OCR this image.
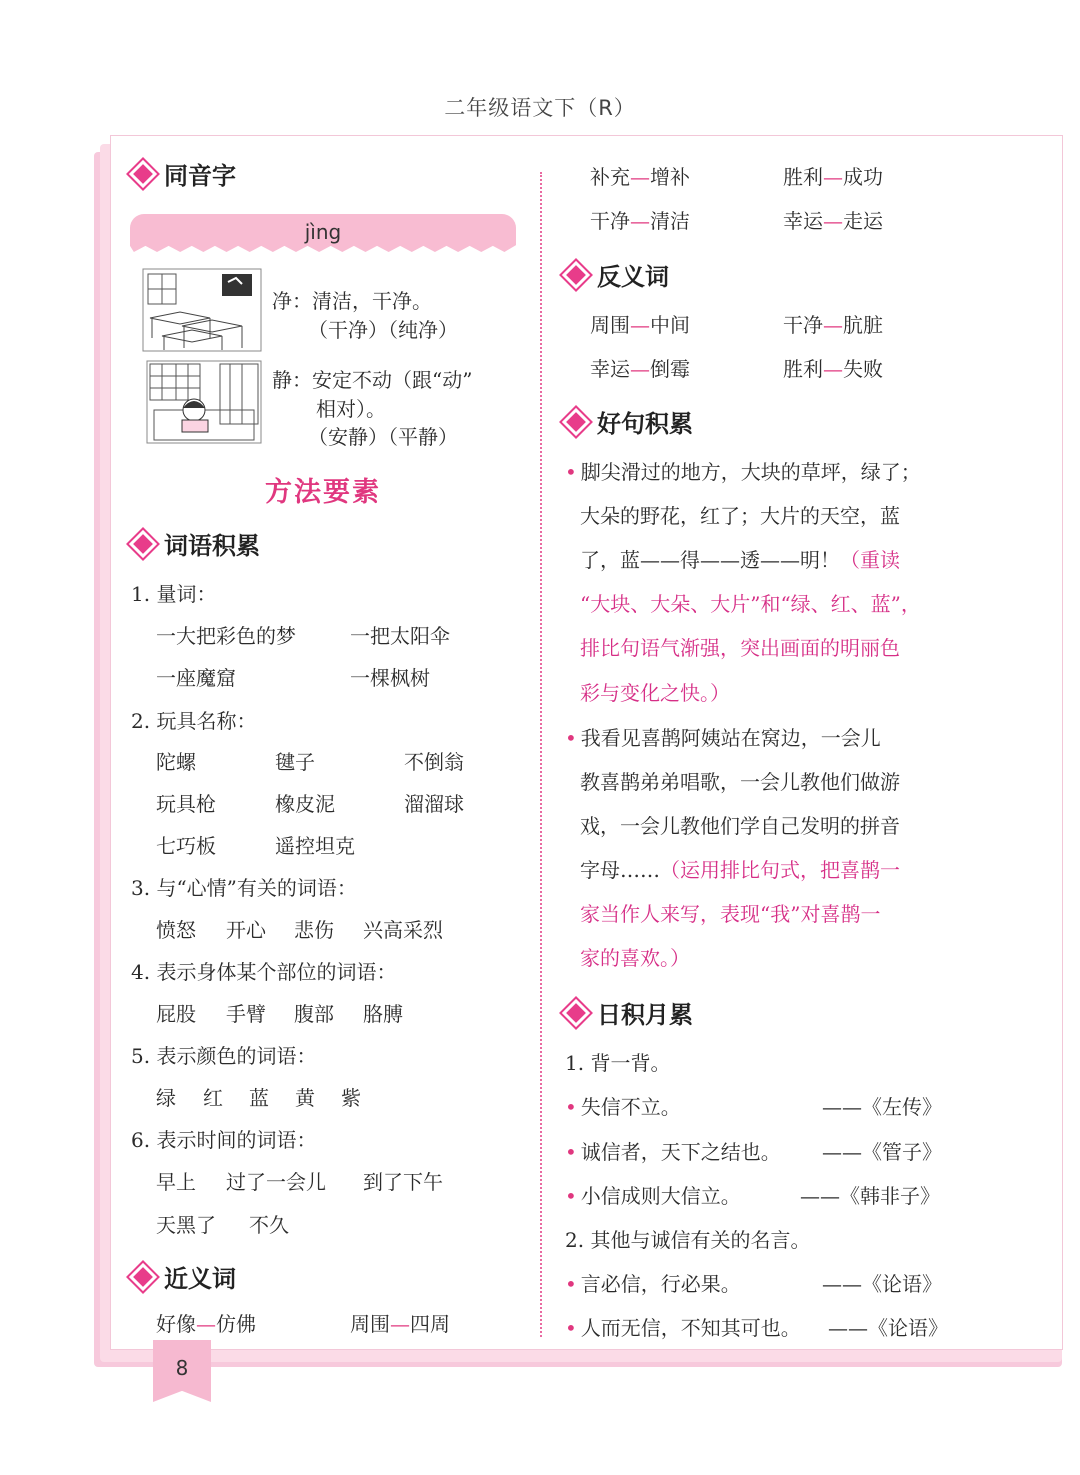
二年级语文下（R）
8
同音字
jìng
净：清洁，干净。
（干净）（纯净）
静：安定不动（跟“动”
相对）。
（安静）（平静）
方法要素
词语积累
1. 量词：
一大把彩色的梦	一把太阳伞
一座魔窟	一棵枫树
2. 玩具名称：
陀螺	毽子	不倒翁
玩具枪	橡皮泥	溜溜球
七巧板	遥控坦克
3. 与“心情”有关的词语：
愤怒 开心 悲伤 兴高采烈
4. 表示身体某个部位的词语：
屁股 手臂 腹部 胳膊
5. 表示颜色的词语：
绿 红 蓝 黄 紫
6. 表示时间的词语：
早上 过了一会儿 到了下午
天黑了 不久
近义词
好像—仿佛	周围—四周
补充—增补	胜利—成功
干净—清洁	幸运—走运
反义词
周围—中间	干净—肮脏
幸运—倒霉	胜利—失败
好句积累
• 脚尖滑过的地方，大块的草坪，绿了；
大朵的野花，红了；大片的天空，蓝
了，蓝——得——透——明！（重读
“大块、大朵、大片”和“绿、红、蓝”，
排比句语气渐强，突出画面的明丽色
彩与变化之快。）
• 我看见喜鹊阿姨站在窝边，一会儿
教喜鹊弟弟唱歌，一会儿教他们做游
戏，一会儿教他们学自己发明的拼音
字母……（运用排比句式，把喜鹊一
家当作人来写，表现“我”对喜鹊一
家的喜欢。）
日积月累
1. 背一背。
• 失信不立。	——《左传》
• 诚信者，天下之结也。 ——《管子》
• 小信成则大信立。	——《韩非子》
2. 其他与诚信有关的名言。
• 言必信，行必果。	——《论语》
• 人而无信，不知其可也。 ——《论语》
